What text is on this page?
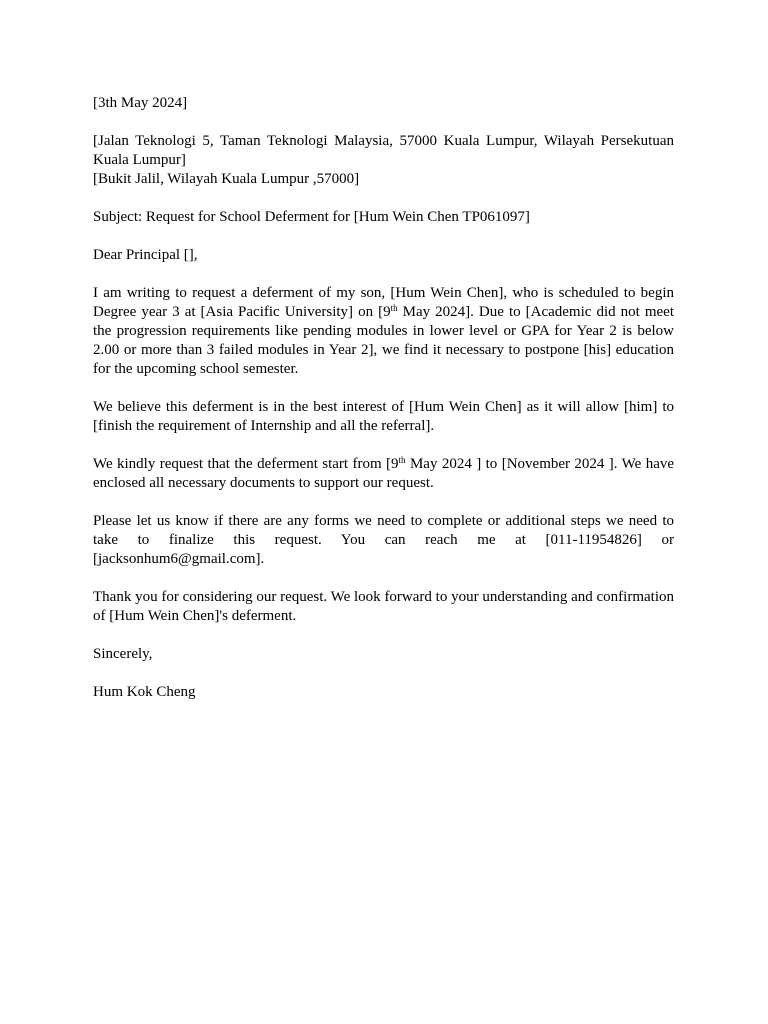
[3th May 2024]

[Jalan Teknologi 5, Taman Teknologi Malaysia, 57000 Kuala Lumpur, Wilayah Persekutuan Kuala Lumpur]

[Bukit Jalil, Wilayah Kuala Lumpur ,57000]

Subject: Request for School Deferment for [Hum Wein Chen TP061097]

Dear Principal [],

I am writing to request a deferment of my son, [Hum Wein Chen], who is scheduled to begin Degree year 3 at [Asia Pacific University] on [9th May 2024]. Due to [Academic did not meet the progression requirements like pending modules in lower level or GPA for Year 2 is below 2.00 or more than 3 failed modules in Year 2], we find it necessary to postpone [his] education for the upcoming school semester.

We believe this deferment is in the best interest of [Hum Wein Chen] as it will allow [him] to [finish the requirement of Internship and all the referral].

We kindly request that the deferment start from [9th May 2024 ] to [November 2024 ]. We have enclosed all necessary documents to support our request.

Please let us know if there are any forms we need to complete or additional steps we need to take to finalize this request. You can reach me at [011-11954826] or [jacksonhum6@gmail.com].

Thank you for considering our request. We look forward to your understanding and confirmation of [Hum Wein Chen]'s deferment.

Sincerely,

Hum Kok Cheng
